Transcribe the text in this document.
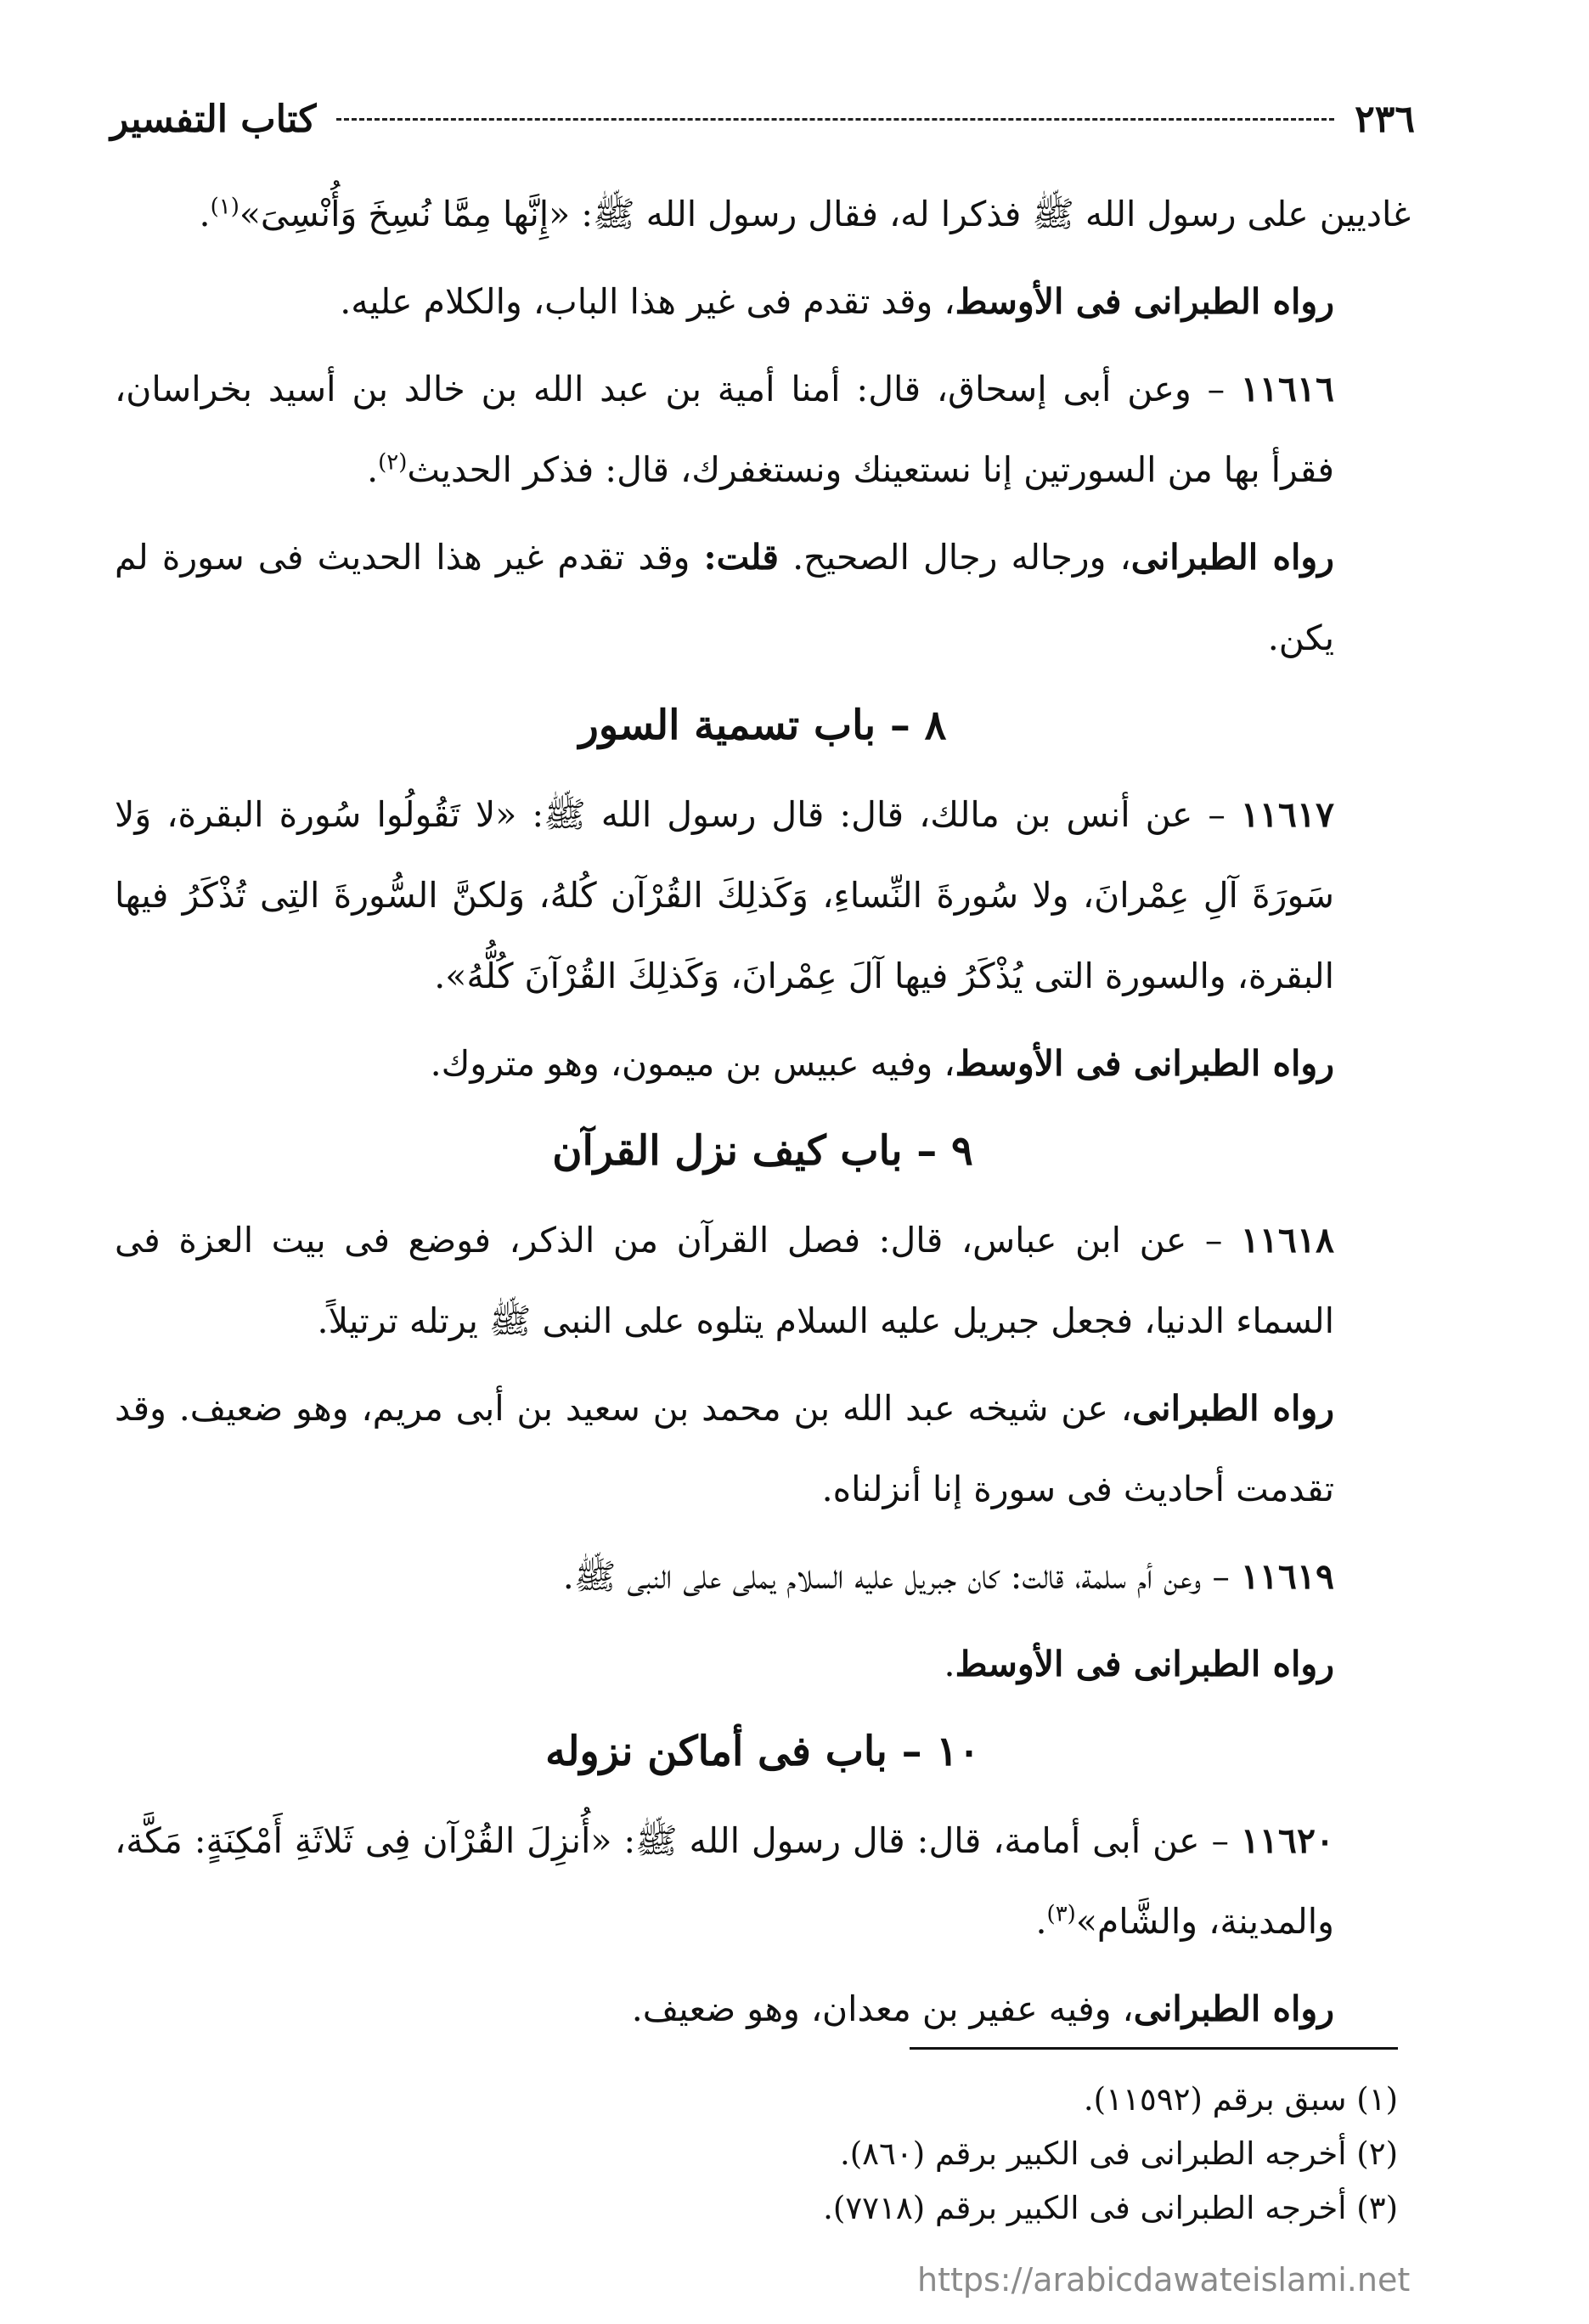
٢٣٦
كتاب التفسير

غاديين على رسول الله ﷺ فذكرا له، فقال رسول الله ﷺ: «إِنَّها مِمَّا نُسِخَ وَأُنْسِىَ»$^{(١)}$.

رواه الطبرانى فى الأوسط، وقد تقدم فى غير هذا الباب، والكلام عليه.

١١٦١٦ – وعن أبى إسحاق، قال: أمنا أمية بن عبد الله بن خالد بن أسيد بخراسان، فقرأ بها من السورتين إنا نستعينك ونستغفرك، قال: فذكر الحديث$^{(٢)}$.

رواه الطبرانى، ورجاله رجال الصحيح. قلت: وقد تقدم غير هذا الحديث فى سورة لم يكن.

٨ – باب تسمية السور

١١٦١٧ – عن أنس بن مالك، قال: قال رسول الله ﷺ: «لا تَقُولُوا سُورة البقرة، وَلا سَورَةَ آلِ عِمْرانَ، ولا سُورةَ النِّساءِ، وَكَذلِكَ القُرْآن كُلهُ، وَلكنَّ السُّورةَ التِى تُذْكَرُ فيها البقرة، والسورة التى يُذْكَرُ فيها آلَ عِمْرانَ، وَكَذلِكَ القُرْآنَ كُلُّهُ».

رواه الطبرانى فى الأوسط، وفيه عبيس بن ميمون، وهو متروك.

٩ – باب كيف نزل القرآن

١١٦١٨ – عن ابن عباس، قال: فصل القرآن من الذكر، فوضع فى بيت العزة فى السماء الدنيا، فجعل جبريل عليه السلام يتلوه على النبى ﷺ يرتله ترتيلاً.

رواه الطبرانى، عن شيخه عبد الله بن محمد بن سعيد بن أبى مريم، وهو ضعيف. وقد تقدمت أحاديث فى سورة إنا أنزلناه.

١١٦١٩ – وعن أم سلمة، قالت: كان جبريل عليه السلام يملى على النبى ﷺ.

رواه الطبرانى فى الأوسط.

١٠ – باب فى أماكن نزوله

١١٦٢٠ – عن أبى أمامة، قال: قال رسول الله ﷺ: «أُنزِلَ القُرْآن فِى ثَلاثَةِ أَمْكِنَةٍ: مَكَّة، والمدينة، والشَّام»$^{(٣)}$.

رواه الطبرانى، وفيه عفير بن معدان، وهو ضعيف.

(١) سبق برقم (١١٥٩٢).

(٢) أخرجه الطبرانى فى الكبير برقم (٨٦٠).

(٣) أخرجه الطبرانى فى الكبير برقم (٧٧١٨).

https://arabicdawateislami.net
